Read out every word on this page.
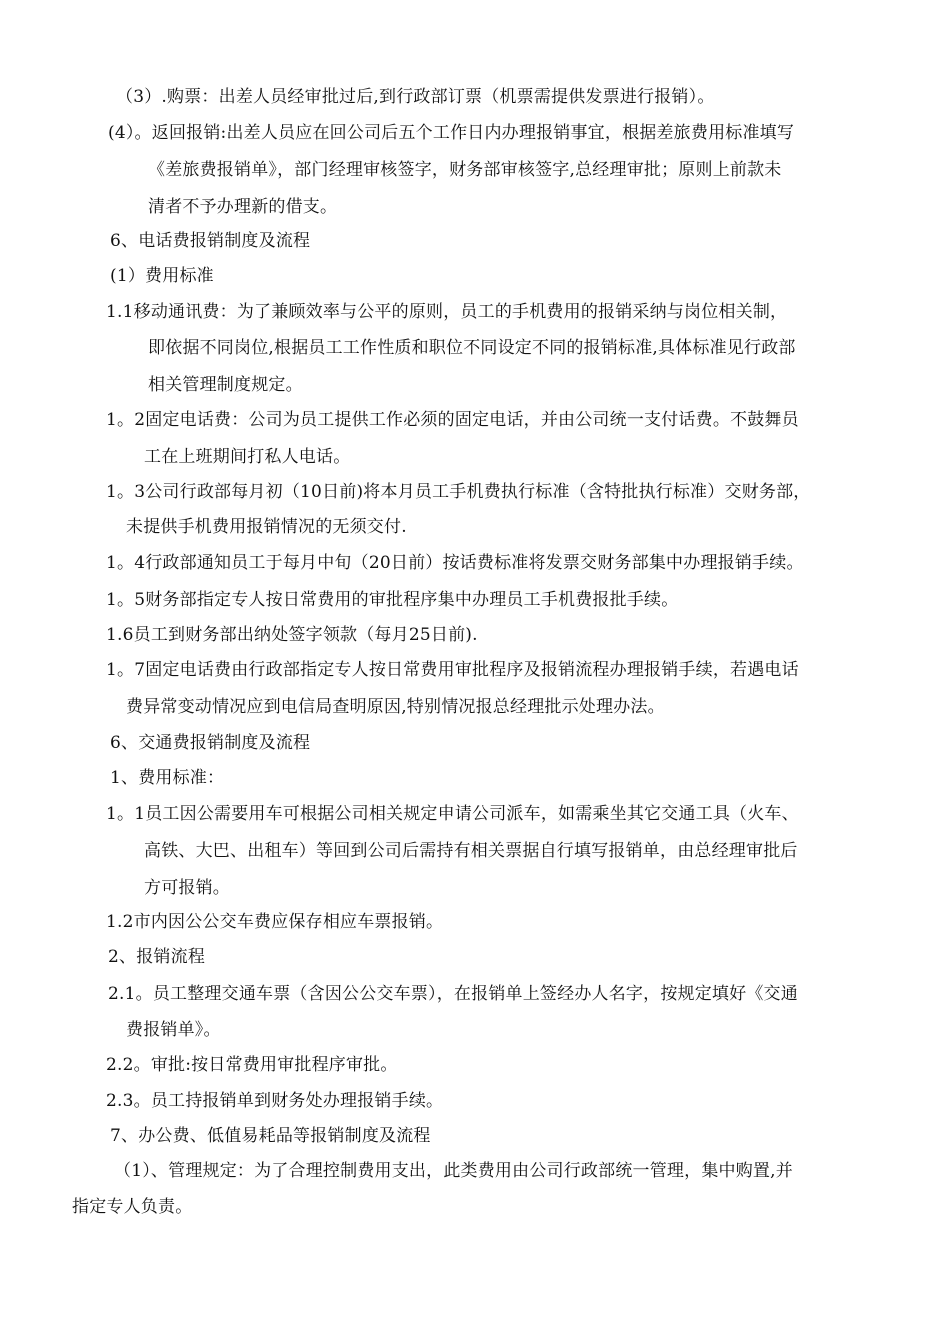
（3）.购票：出差人员经审批过后,到行政部订票（机票需提供发票进行报销）。
(4）。返回报销:出差人员应在回公司后五个工作日内办理报销事宜，根据差旅费用标准填写
《差旅费报销单》，部门经理审核签字，财务部审核签字,总经理审批；原则上前款未
清者不予办理新的借支。
6、电话费报销制度及流程
(1）费用标准
1.1移动通讯费：为了兼顾效率与公平的原则，员工的手机费用的报销采纳与岗位相关制，
即依据不同岗位,根据员工工作性质和职位不同设定不同的报销标准,具体标准见行政部
相关管理制度规定。
1。2固定电话费：公司为员工提供工作必须的固定电话，并由公司统一支付话费。不鼓舞员
工在上班期间打私人电话。
1。3公司行政部每月初（10日前)将本月员工手机费执行标准（含特批执行标准）交财务部，
未提供手机费用报销情况的无须交付.
1。4行政部通知员工于每月中旬（20日前）按话费标准将发票交财务部集中办理报销手续。
1。5财务部指定专人按日常费用的审批程序集中办理员工手机费报批手续。
1.6员工到财务部出纳处签字领款（每月25日前).
1。7固定电话费由行政部指定专人按日常费用审批程序及报销流程办理报销手续，若遇电话
费异常变动情况应到电信局查明原因,特别情况报总经理批示处理办法。
6、交通费报销制度及流程
1、费用标准：
1。1员工因公需要用车可根据公司相关规定申请公司派车，如需乘坐其它交通工具（火车、
高铁、大巴、出租车）等回到公司后需持有相关票据自行填写报销单，由总经理审批后
方可报销。
1.2市内因公公交车费应保存相应车票报销。
2、报销流程
2.1。员工整理交通车票（含因公公交车票），在报销单上签经办人名字，按规定填好《交通
费报销单》。
2.2。审批:按日常费用审批程序审批。
2.3。员工持报销单到财务处办理报销手续。
7、办公费、低值易耗品等报销制度及流程
（1）、管理规定：为了合理控制费用支出，此类费用由公司行政部统一管理，集中购置,并
指定专人负责。
